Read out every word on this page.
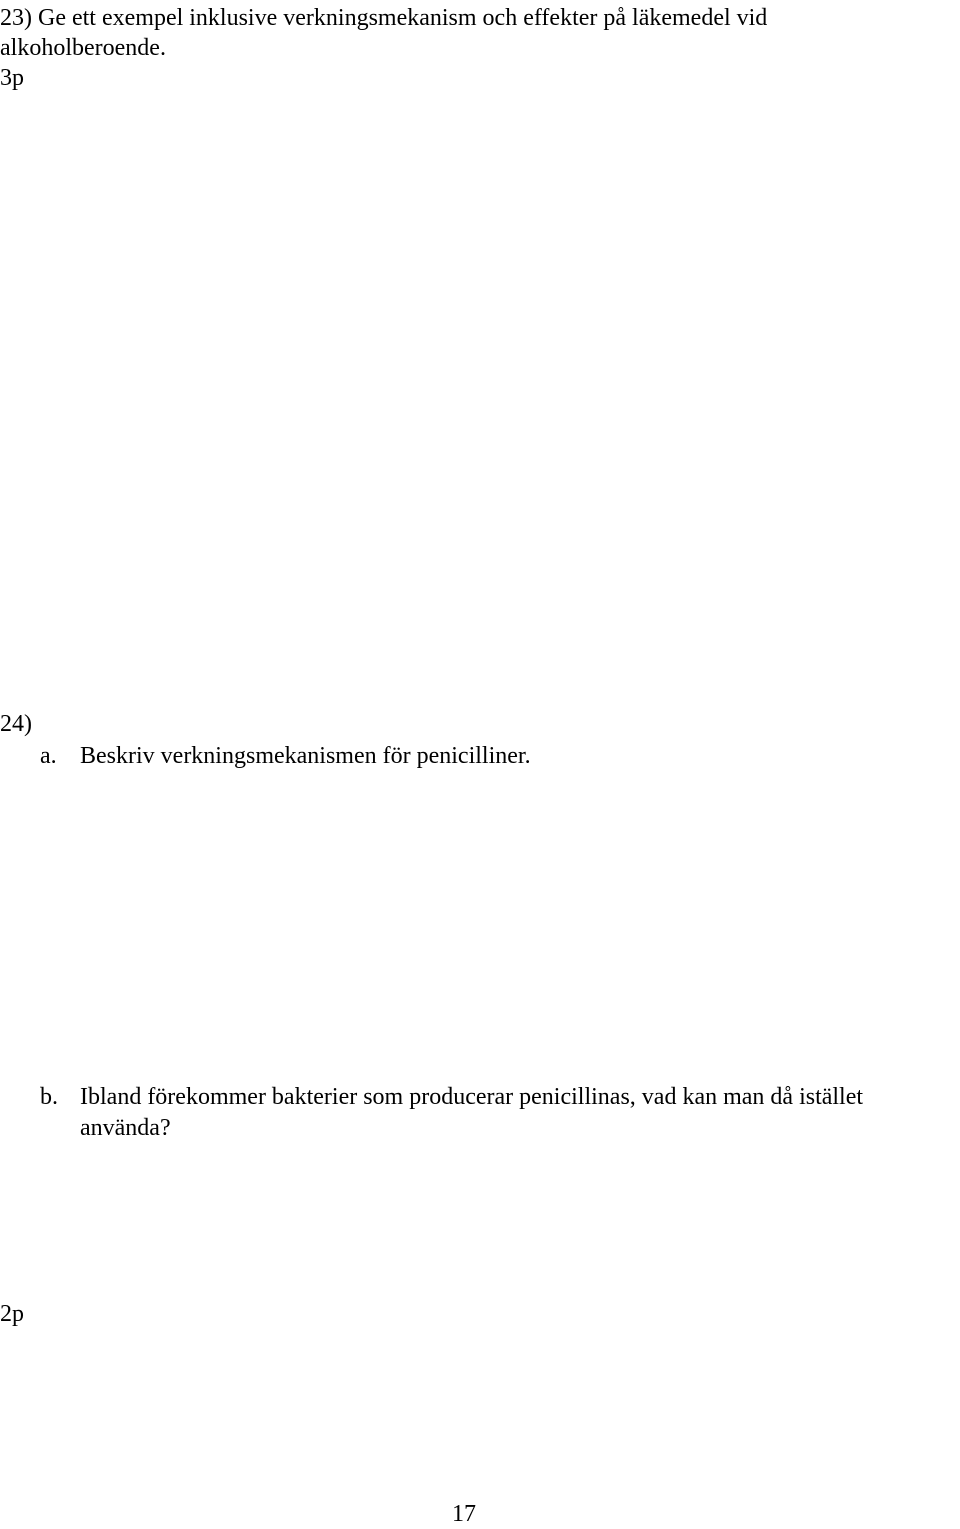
23) Ge ett exempel inklusive verkningsmekanism och effekter på läkemedel vid
alkoholberoende.
3p
24)
a. Beskriv verkningsmekanismen för penicilliner.
b. Ibland förekommer bakterier som producerar penicillinas, vad kan man då istället
använda?
2p
17
